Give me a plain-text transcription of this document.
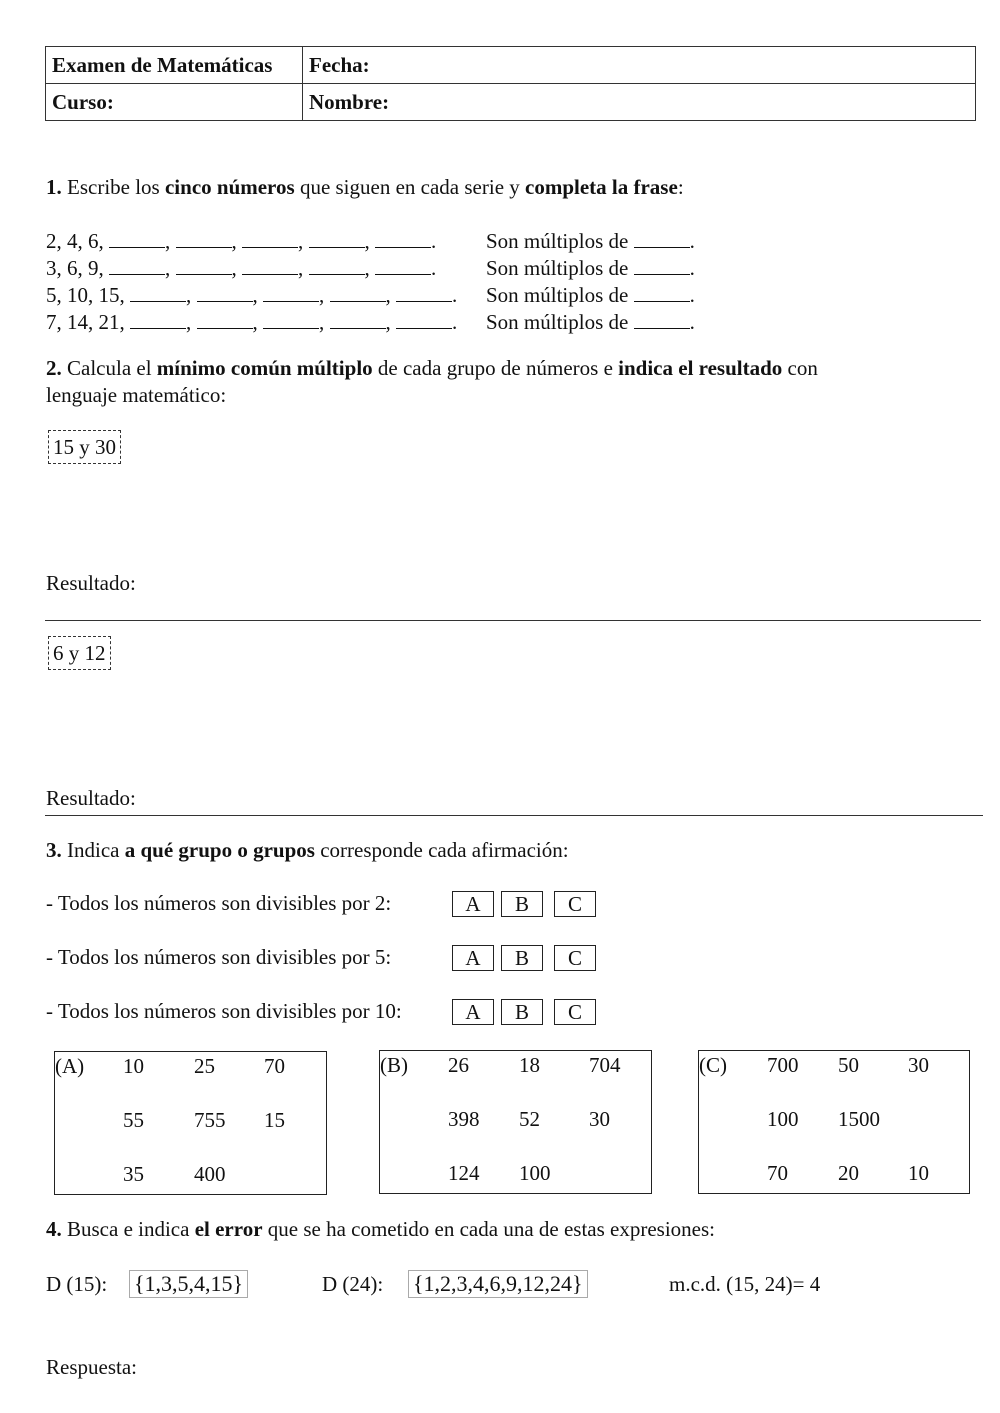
Examen de Matemáticas	Fecha:
Curso:	Nombre:
1. Escribe los cinco números que siguen en cada serie y completa la frase:
2, 4, 6,	,	,	,	,	. Son múltiplos de	.
3, 6, 9,	,	,	,	,	. Son múltiplos de	.
5, 10, 15,	,	,	,	,	. Son múltiplos de	.
7, 14, 21,	,	,	,	,	. Son múltiplos de	.
2. Calcula el mínimo común múltiplo de cada grupo de números e indica el resultado con
lenguaje matemático:
15 y 30
Resultado:
6 y 12
Resultado:
3. Indica a qué grupo o grupos corresponde cada afirmación:
- Todos los números son divisibles por 2:	A	B	C
- Todos los números son divisibles por 5:	A	B	C
- Todos los números son divisibles por 10:	A	B	C
(A) 10 25 70
55 755 15
35 400
(B) 26 18 704
398 52 30
124 100
(C) 700 50 30
100 1500
70 20 10
4. Busca e indica el error que se ha cometido en cada una de estas expresiones:
D (15): {1,3,5,4,15}	D (24): {1,2,3,4,6,9,12,24}	m.c.d. (15, 24)= 4
Respuesta:
